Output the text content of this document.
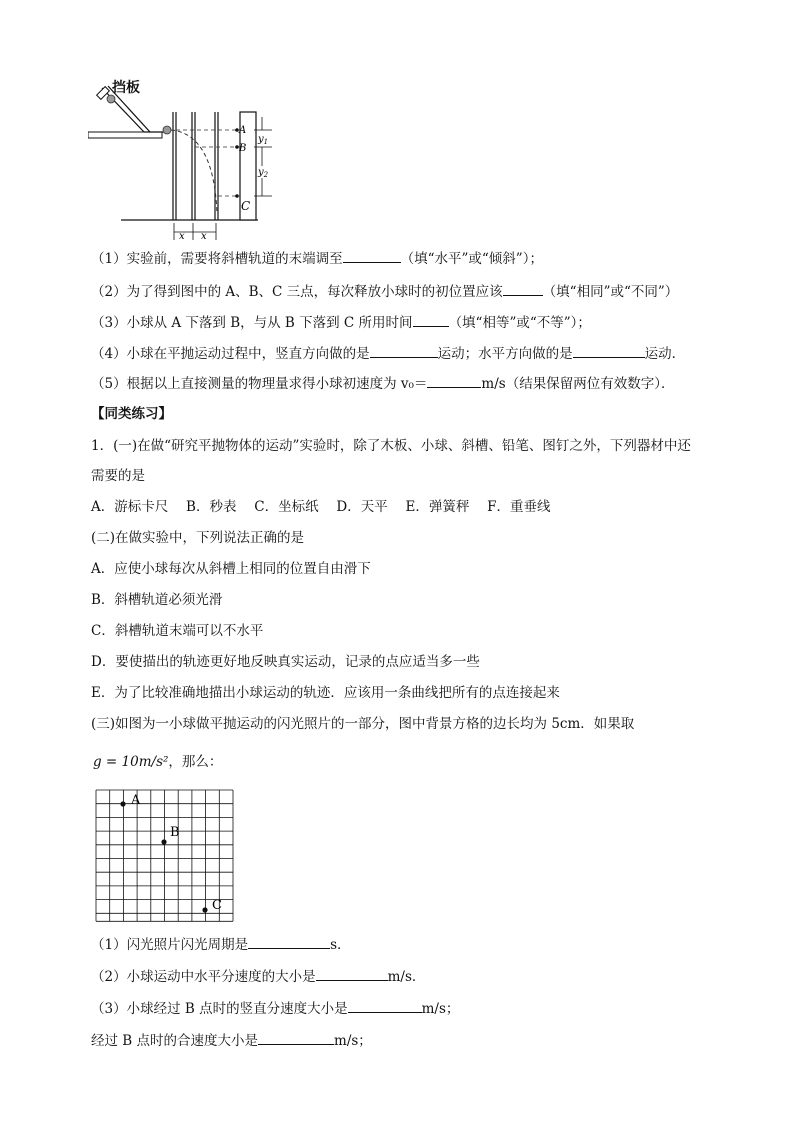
A
B
C
$y_1$
$y_2$
x x
挡板
（1）实验前，需要将斜槽轨道的末端调至	（填“水平”或“倾斜”）；
（2）为了得到图中的 A、B、C 三点，每次释放小球时的初位置应该	（填“相同”或“不同”）
（3）小球从 A 下落到 B，与从 B 下落到 C 所用时间	（填“相等”或“不等”）；
（4）小球在平抛运动过程中，竖直方向做的是	运动；水平方向做的是	运动．
（5）根据以上直接测量的物理量求得小球初速度为 v₀＝	m/s（结果保留两位有效数字）．
【同类练习】
1．(一)在做“研究平抛物体的运动”实验时，除了木板、小球、斜槽、铅笔、图钉之外，下列器材中还
需要的是
A．游标卡尺　 B．秒表　 C．坐标纸　 D．天平　 E．弹簧秤　 F．重垂线
(二)在做实验中，下列说法正确的是
A．应使小球每次从斜槽上相同的位置自由滑下
B．斜槽轨道必须光滑
C．斜槽轨道末端可以不水平
D．要使描出的轨迹更好地反映真实运动，记录的点应适当多一些
E．为了比较准确地描出小球运动的轨迹．应该用一条曲线把所有的点连接起来
(三)如图为一小球做平抛运动的闪光照片的一部分，图中背景方格的边长均为 5cm．如果取
g = 10m/s²，那么：
A
B
C
（1）闪光照片闪光周期是	s．
（2）小球运动中水平分速度的大小是	m/s．
（3）小球经过 B 点时的竖直分速度大小是	m/s；
经过 B 点时的合速度大小是	m/s；
